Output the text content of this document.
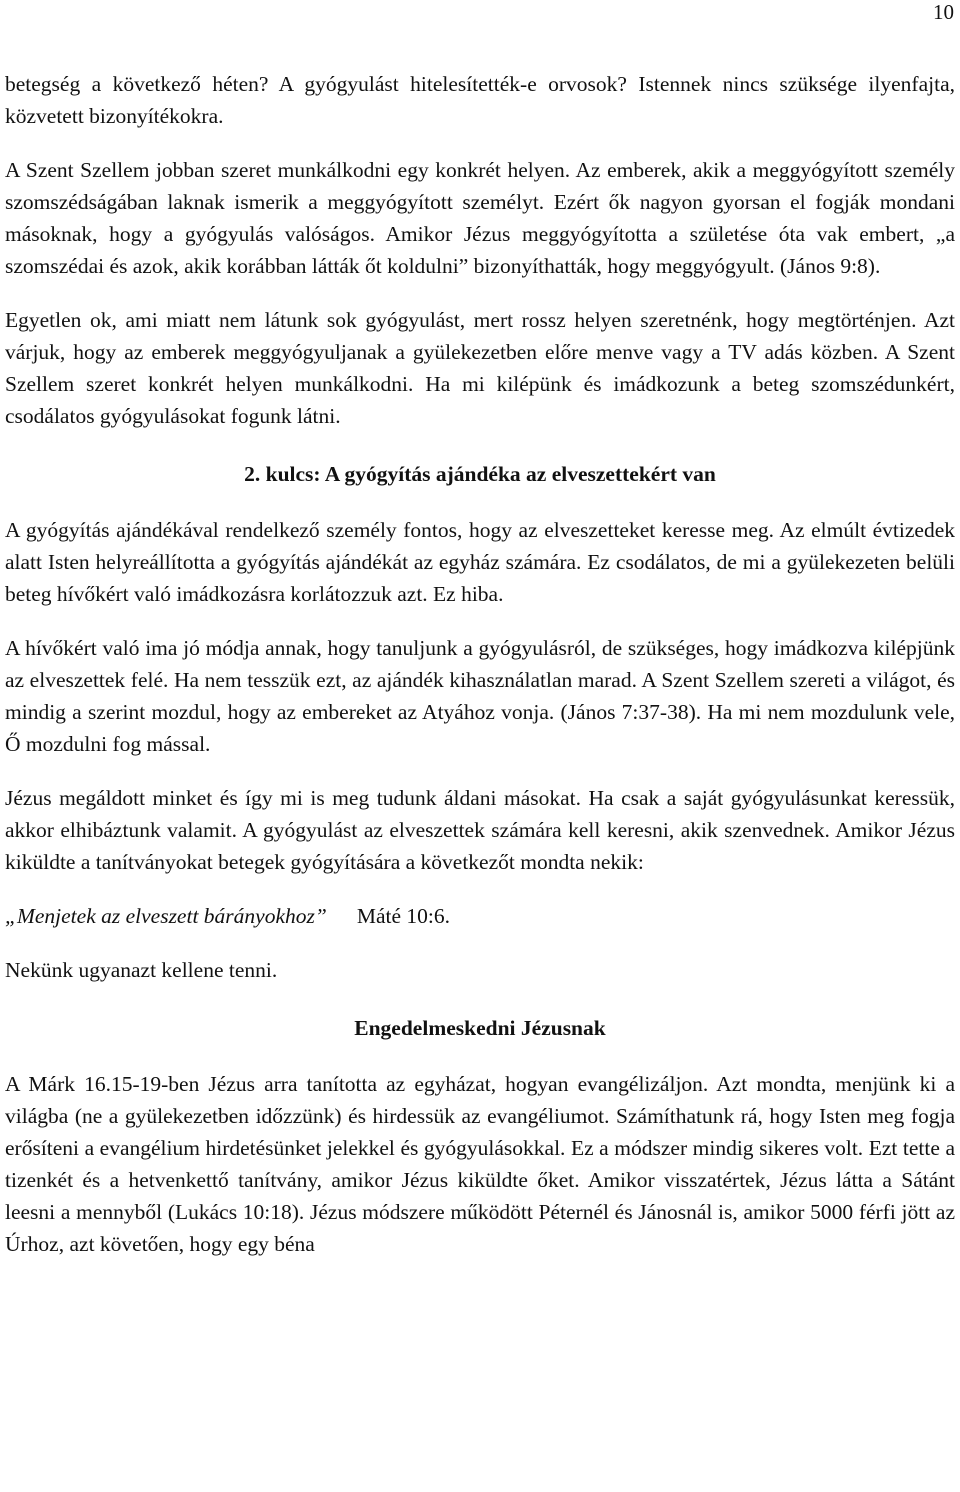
10

betegség a következő héten? A gyógyulást hitelesítették-e orvosok? Istennek nincs szüksége ilyenfajta, közvetett bizonyítékokra.

A Szent Szellem jobban szeret munkálkodni egy konkrét helyen. Az emberek, akik a meggyógyított személy szomszédságában laknak ismerik a meggyógyított személyt. Ezért ők nagyon gyorsan el fogják mondani másoknak, hogy a gyógyulás valóságos. Amikor Jézus meggyógyította a születése óta vak embert, „a szomszédai és azok, akik korábban látták őt koldulni” bizonyíthatták, hogy meggyógyult. (János 9:8).

Egyetlen ok, ami miatt nem látunk sok gyógyulást, mert rossz helyen szeretnénk, hogy megtörténjen. Azt várjuk, hogy az emberek meggyógyuljanak a gyülekezetben előre menve vagy a TV adás közben. A Szent Szellem szeret konkrét helyen munkálkodni. Ha mi kilépünk és imádkozunk a beteg szomszédunkért, csodálatos gyógyulásokat fogunk látni.

2. kulcs: A gyógyítás ajándéka az elveszettekért van

A gyógyítás ajándékával rendelkező személy fontos, hogy az elveszetteket keresse meg. Az elmúlt évtizedek alatt Isten helyreállította a gyógyítás ajándékát az egyház számára. Ez csodálatos, de mi a gyülekezeten belüli beteg hívőkért való imádkozásra korlátozzuk azt. Ez hiba.

A hívőkért való ima jó módja annak, hogy tanuljunk a gyógyulásról, de szükséges, hogy imádkozva kilépjünk az elveszettek felé. Ha nem tesszük ezt, az ajándék kihasználatlan marad. A Szent Szellem szereti a világot, és mindig a szerint mozdul, hogy az embereket az Atyához vonja. (János 7:37-38). Ha mi nem mozdulunk vele, Ő mozdulni fog mással.

Jézus megáldott minket és így mi is meg tudunk áldani másokat. Ha csak a saját gyógyulásunkat keressük, akkor elhibáztunk valamit. A gyógyulást az elveszettek számára kell keresni, akik szenvednek. Amikor Jézus kiküldte a tanítványokat betegek gyógyítására a következőt mondta nekik:

„Menjetek az elveszett bárányokhoz” Máté 10:6.

Nekünk ugyanazt kellene tenni.

Engedelmeskedni Jézusnak

A Márk 16.15-19-ben Jézus arra tanította az egyházat, hogyan evangélizáljon. Azt mondta, menjünk ki a világba (ne a gyülekezetben időzzünk) és hirdessük az evangéliumot. Számíthatunk rá, hogy Isten meg fogja erősíteni a evangélium hirdetésünket jelekkel és gyógyulásokkal. Ez a módszer mindig sikeres volt. Ezt tette a tizenkét és a hetvenkettő tanítvány, amikor Jézus kiküldte őket. Amikor visszatértek, Jézus látta a Sátánt leesni a mennyből (Lukács 10:18). Jézus módszere működött Péternél és Jánosnál is, amikor 5000 férfi jött az Úrhoz, azt követően, hogy egy béna
